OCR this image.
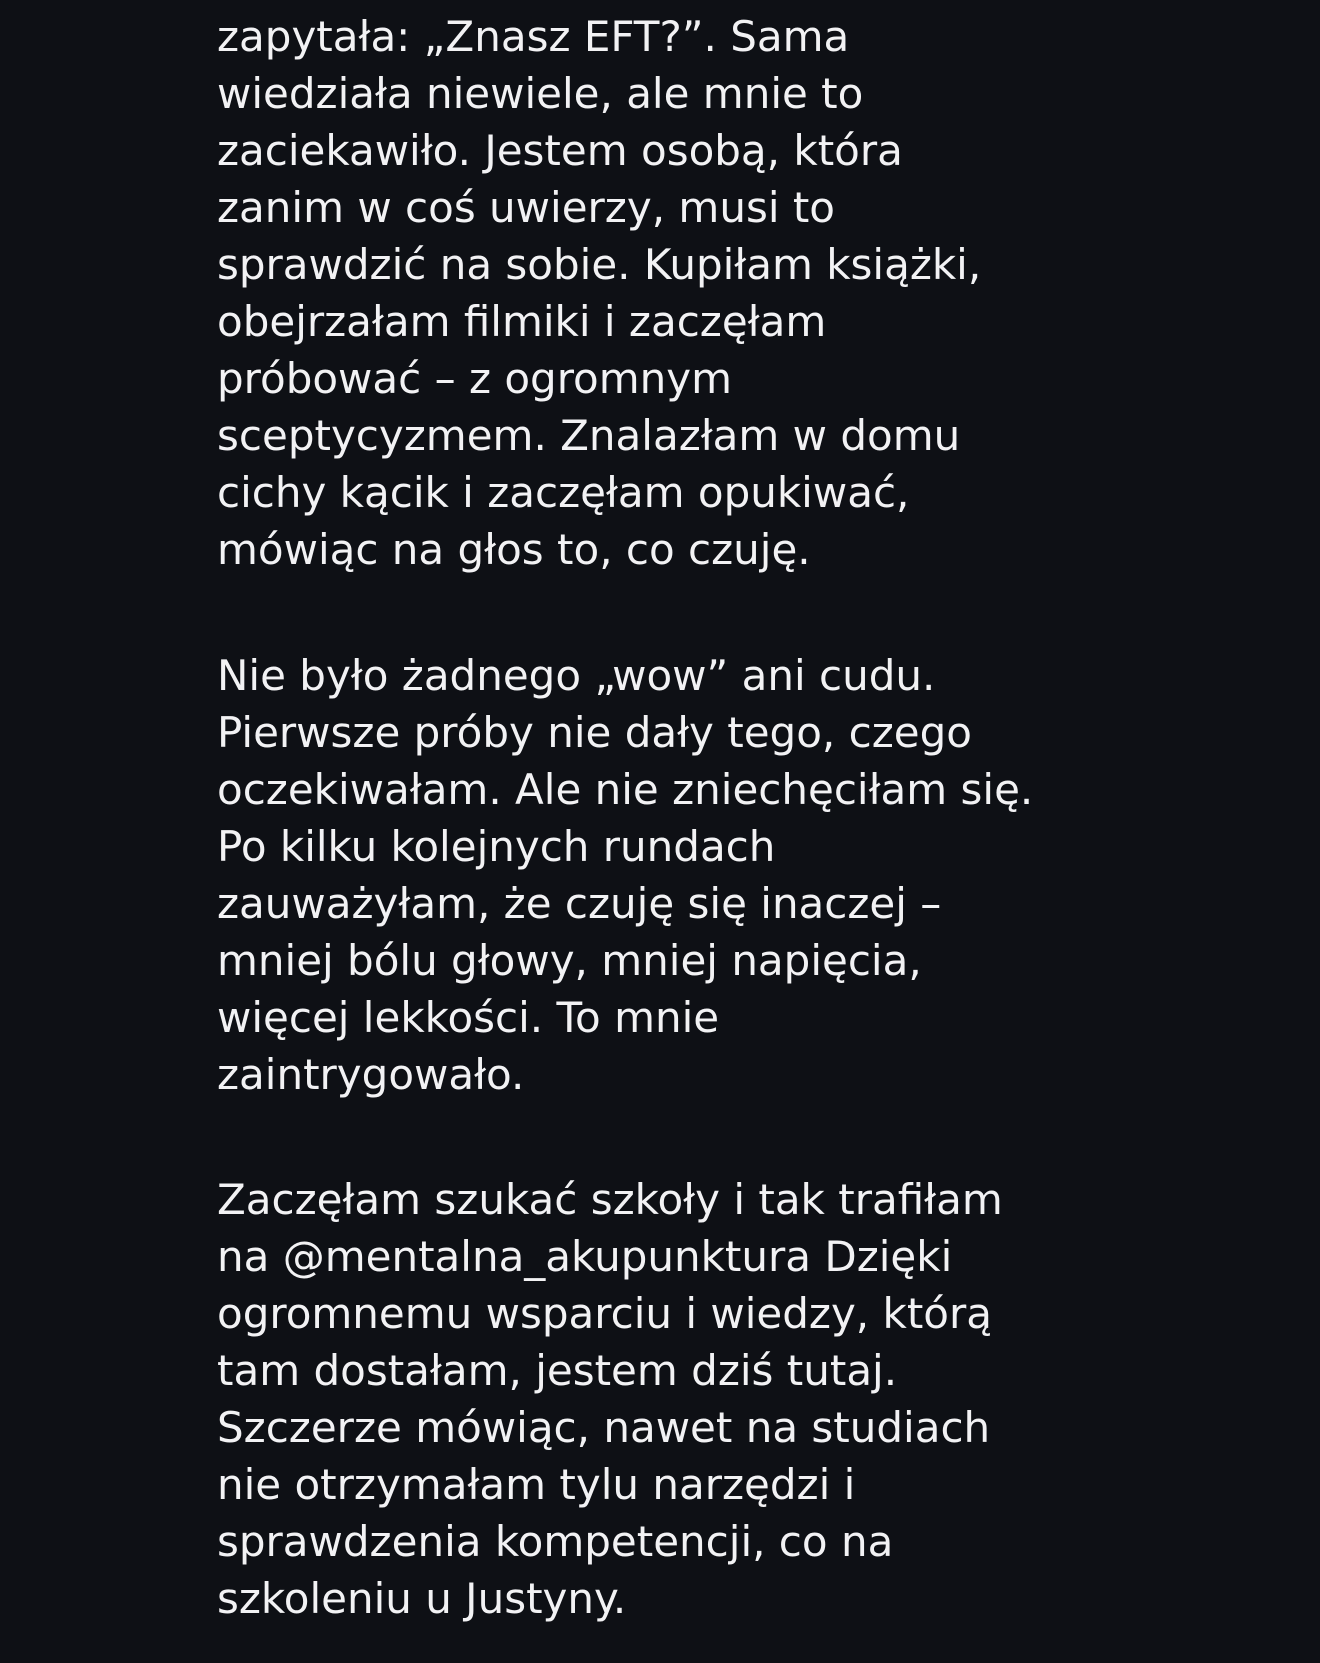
zapytała: „Znasz EFT?”. Sama
wiedziała niewiele, ale mnie to
zaciekawiło. Jestem osobą, która
zanim w coś uwierzy, musi to
sprawdzić na sobie. Kupiłam książki,
obejrzałam filmiki i zaczęłam
próbować – z ogromnym
sceptycyzmem. Znalazłam w domu
cichy kącik i zaczęłam opukiwać,
mówiąc na głos to, co czuję.
Nie było żadnego „wow” ani cudu.
Pierwsze próby nie dały tego, czego
oczekiwałam. Ale nie zniechęciłam się.
Po kilku kolejnych rundach
zauważyłam, że czuję się inaczej –
mniej bólu głowy, mniej napięcia,
więcej lekkości. To mnie
zaintrygowało.
Zaczęłam szukać szkoły i tak trafiłam
na @mentalna_akupunktura Dzięki
ogromnemu wsparciu i wiedzy, którą
tam dostałam, jestem dziś tutaj.
Szczerze mówiąc, nawet na studiach
nie otrzymałam tylu narzędzi i
sprawdzenia kompetencji, co na
szkoleniu u Justyny.
